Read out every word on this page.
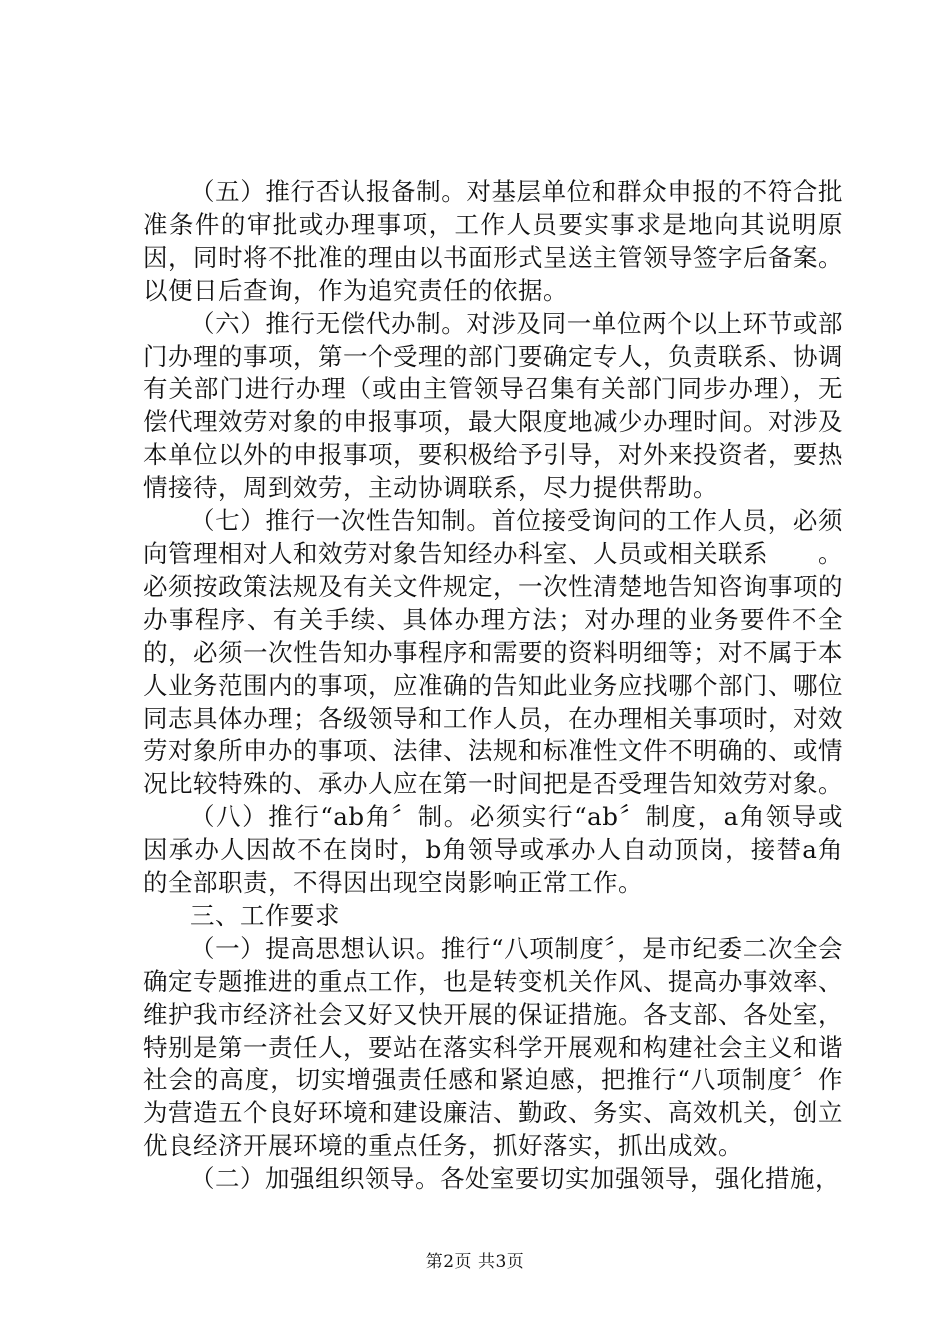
（五）推行否认报备制。对基层单位和群众申报的不符合批准条件的审批或办理事项，工作人员要实事求是地向其说明原因，同时将不批准的理由以书面形式呈送主管领导签字后备案。以便日后查询，作为追究责任的依据。

（六）推行无偿代办制。对涉及同一单位两个以上环节或部门办理的事项，第一个受理的部门要确定专人，负责联系、协调有关部门进行办理（或由主管领导召集有关部门同步办理），无偿代理效劳对象的申报事项，最大限度地减少办理时间。对涉及本单位以外的申报事项，要积极给予引导，对外来投资者，要热情接待，周到效劳，主动协调联系，尽力提供帮助。

（七）推行一次性告知制。首位接受询问的工作人员，必须向管理相对人和效劳对象告知经办科室、人员或相关联系　　。必须按政策法规及有关文件规定，一次性清楚地告知咨询事项的办事程序、有关手续、具体办理方法；对办理的业务要件不全的，必须一次性告知办事程序和需要的资料明细等；对不属于本人业务范围内的事项，应准确的告知此业务应找哪个部门、哪位同志具体办理；各级领导和工作人员，在办理相关事项时，对效劳对象所申办的事项、法律、法规和标准性文件不明确的、或情况比较特殊的、承办人应在第一时间把是否受理告知效劳对象。

（八）推行“ab角〞制。必须实行“ab〞制度，a角领导或因承办人因故不在岗时，b角领导或承办人自动顶岗，接替a角的全部职责，不得因出现空岗影响正常工作。

三、工作要求

（一）提高思想认识。推行“八项制度〞，是市纪委二次全会确定专题推进的重点工作，也是转变机关作风、提高办事效率、维护我市经济社会又好又快开展的保证措施。各支部、各处室，特别是第一责任人，要站在落实科学开展观和构建社会主义和谐社会的高度，切实增强责任感和紧迫感，把推行“八项制度〞作为营造五个良好环境和建设廉洁、勤政、务实、高效机关，创立优良经济开展环境的重点任务，抓好落实，抓出成效。

（二）加强组织领导。各处室要切实加强领导，强化措施，

第2页 共3页
